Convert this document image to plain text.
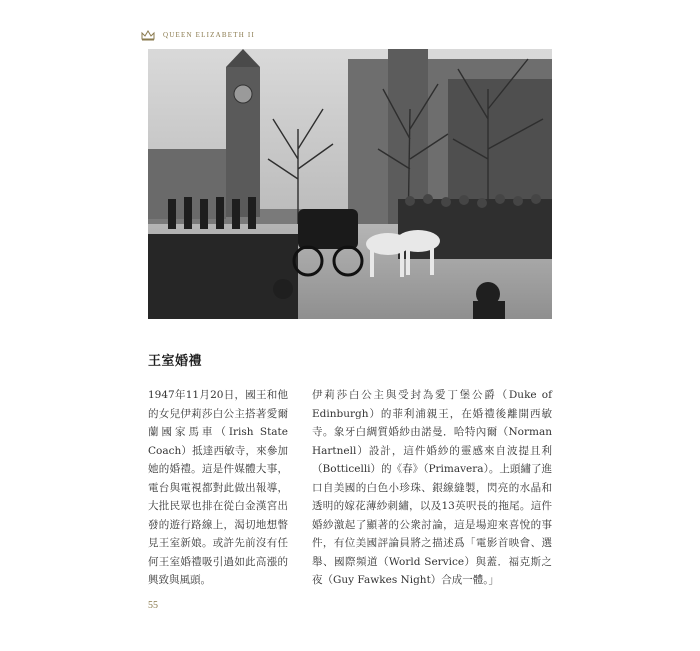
QUEEN ELIZABETH II
王室婚禮
1947年11月20日，國王和他的女兒伊莉莎白公主搭著愛爾蘭國家馬車（Irish State Coach）抵達西敏寺，來參加她的婚禮。這是件媒體大事，電台與電視都對此做出報導，大批民眾也排在從白金漢宮出發的遊行路線上，渴切地想瞥見王室新娘。或許先前沒有任何王室婚禮吸引過如此高漲的興致與風頭。
伊莉莎白公主與受封為愛丁堡公爵（Duke of Edinburgh）的菲利浦親王，在婚禮後離開西敏寺。象牙白綢質婚紗由諾曼．哈特內爾（Norman Hartnell）設計，這件婚紗的靈感來自波提且利（Botticelli）的《春》（Primavera）。上頭繡了進口自美國的白色小珍珠、銀線縫製，閃亮的水晶和透明的嫁花薄紗刺繡，以及13英呎長的拖尾。這件婚紗激起了顯著的公衆討論，這是場迎來喜悅的事件，有位美國評論員將之描述爲「電影首映會、選舉、國際頻道（World Service）與蓋．福克斯之夜（Guy Fawkes Night）合成一體。」
55
